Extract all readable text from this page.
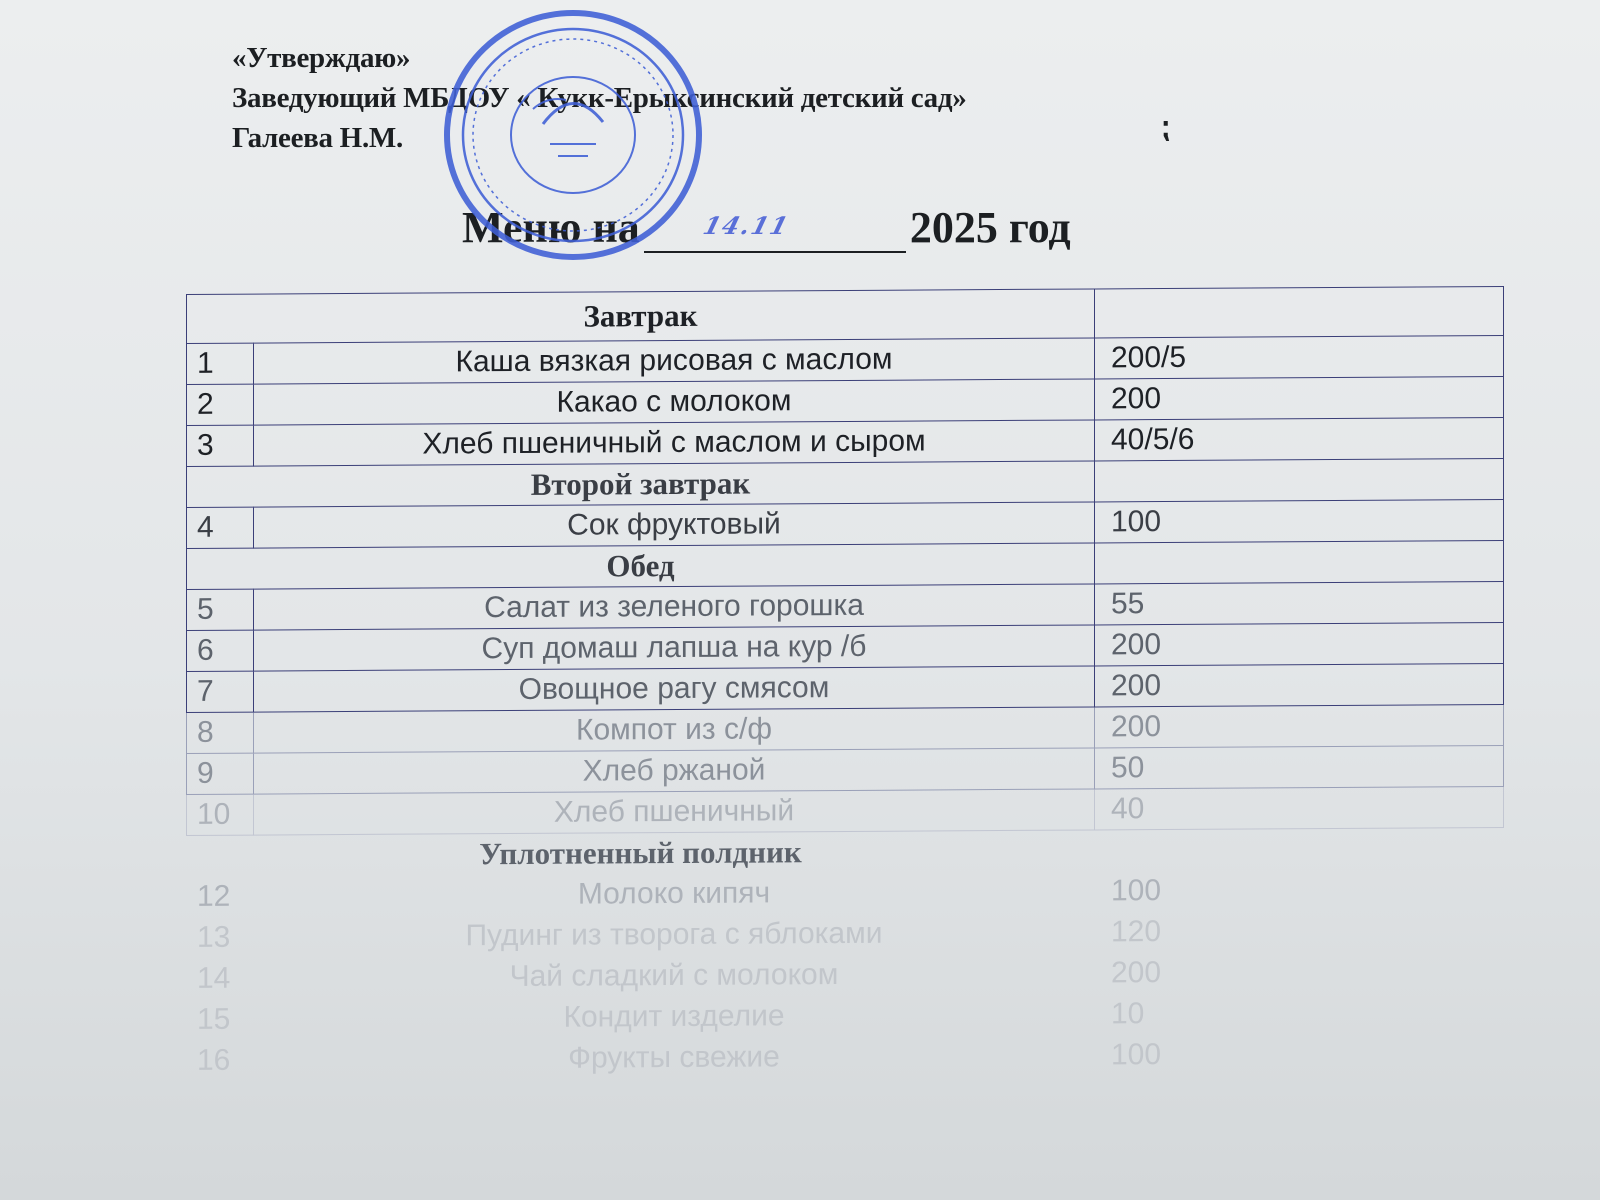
«Утверждаю»
Заведующий МБДОУ « Кукк-Ерыксинский детский сад»
Галеева Н.М.	⁏
Меню на	14.11	2025 год
Завтрак		
1	Каша вязкая рисовая с маслом	200/5
2	Какао с молоком	200
3	Хлеб пшеничный с маслом и сыром	40/5/6
Второй завтрак		
4	Сок фруктовый	100
Обед		
5	Салат из зеленого горошка	55
6	Суп домаш лапша на кур /б	200
7	Овощное рагу смясом	200
8	Компот из с/ф	200
9	Хлеб ржаной	50
10	Хлеб пшеничный	40
Уплотненный полдник		
12	Молоко кипяч	100
13	Пудинг из творога с яблоками	120
14	Чай сладкий с молоком	200
15	Кондит изделие	10
16	Фрукты свежие	100
